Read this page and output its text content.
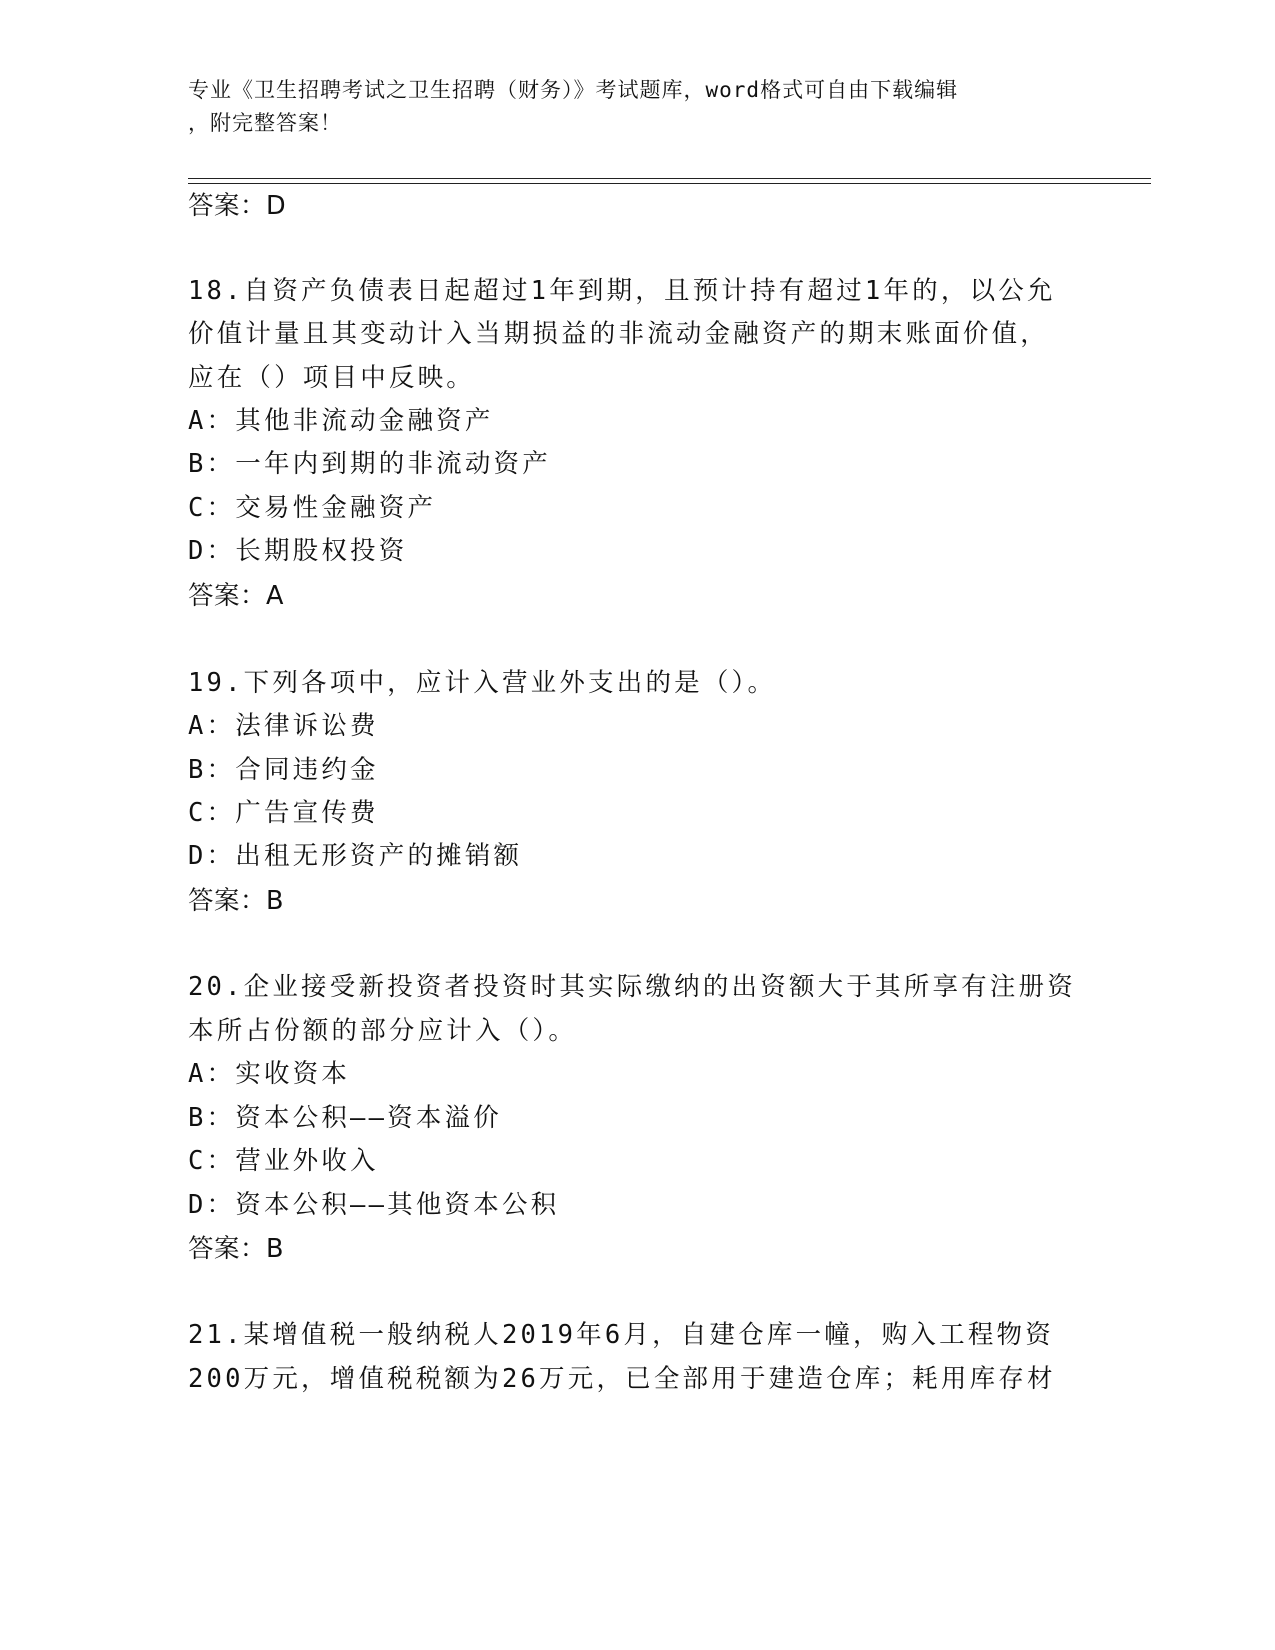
专业《卫生招聘考试之卫生招聘（财务）》考试题库，word格式可自由下载编辑
，附完整答案！
答案：D
18.自资产负债表日起超过1年到期，且预计持有超过1年的，以公允
价值计量且其变动计入当期损益的非流动金融资产的期末账面价值，
应在（）项目中反映。
A：其他非流动金融资产
B：一年内到期的非流动资产
C：交易性金融资产
D：长期股权投资
答案：A
19.下列各项中，应计入营业外支出的是（）。
A：法律诉讼费
B：合同违约金
C：广告宣传费
D：出租无形资产的摊销额
答案：B
20.企业接受新投资者投资时其实际缴纳的出资额大于其所享有注册资
本所占份额的部分应计入（）。
A：实收资本
B：资本公积——资本溢价
C：营业外收入
D：资本公积——其他资本公积
答案：B
21.某增值税一般纳税人2019年6月，自建仓库一幢，购入工程物资
200万元，增值税税额为26万元，已全部用于建造仓库；耗用库存材
